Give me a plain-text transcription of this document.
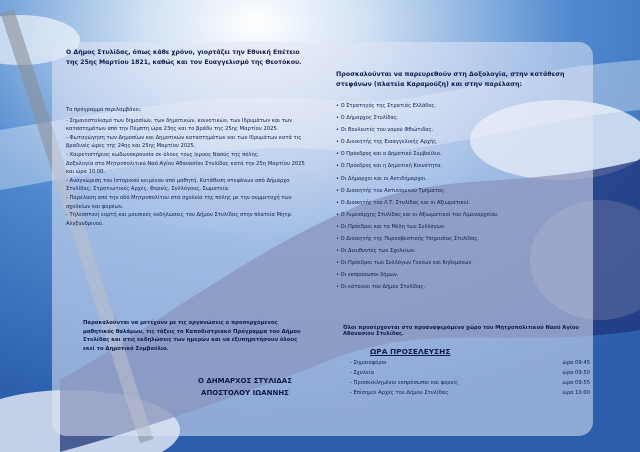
Ο Δήμος Στυλίδας, όπως κάθε χρόνο, γιορτάζει την Εθνική Επέτειο της 25ης Μαρτίου 1821, καθώς και τον Ευαγγελισμό της Θεοτόκου.

Το πρόγραμμα περιλαμβάνει:

- Σημαιοστολισμό των δημοσίων, των δημοτικών, κοινοτικών, των Ιδρυμάτων και των καταστημάτων από την Πέμπτη ώρα 23ης και το βράδυ της 25ης Μαρτίου 2025.

- Φωταγώγηση των Δημοσίων και Δημοτικών καταστημάτων και των Ιδρυμάτων κατά τις βραδινές ώρες της 24ης και 25ης Μαρτίου 2025.

- Χαιρετιστήριος κωδωνοκρουσία σε όλους τους Ιερούς Ναούς της πόλης.

Δοξολογία στο Μητροπολιτικό Ναό Αγίου Αθανασίου Στυλίδας κατά την 25η Μαρτίου 2025 και ώρα 10.00.

- Αναγνώριση του Ιστορικού κειμένου από μαθητή. Κατάθεση στεφάνων από Δήμαρχο Στυλίδας, Στρατιωτικές Αρχές, Φορείς, Συλλόγους, Σωματεία.

- Παρέλαση από την οδό Μητροπολίτου στα σχολεία της πόλης με την συμμετοχή των σχολείων και φορέων.

- Τηλεοπτική εορτή και μουσικές εκδηλώσεις του Δήμου Στυλίδας στην πλατεία Μητρ. Αλεξανδρινού.

Παρακαλούνται να μετέχουν με τις οργανώσεις ο προσερχόμενος μαθητικός θαλάμων, τις τάξεις το Καποδιστριακό Πρόγραμμα του Δήμου Στυλίδας και στις εκδηλώσεις των ημερών και να εξυπηρετήσουν όλους εκεί το Δημοτικό Συμβούλιο.

Ο ΔΗΜΑΡΧΟΣ ΣΤΥΛΙΔΑΣ
ΑΠΟΣΤΟΛΟΥ ΙΩΑΝΝΗΣ
Προσκαλούνται να παρευρεθούν στη Δοξολογία, στην κατάθεση στεφάνων (πλατεία Καραμούζη) και στην παρέλαση:
• Ο Στρατηγός της Στρατιάς Ελλάδος.
• Ο Δήμαρχος Στυλίδας.
• Οι Βουλευτές του νομού Φθιώτιδας.
• Ο Διοικητής της Εισαγγελικής Αρχής.
• Ο Πρόεδρος και ο Δημοτικό Συμβούλιο.
• Ο Πρόεδρος και η Δημοτική Κοινότητα.
• Οι Δήμαρχοι και οι Αντιδήμαρχοι.
• Ο Διοικητής του Αστυνομικού Τμήματος.
• Ο Διοικητής του Λ.Τ. Στυλίδας και οι Αξιωματικοί.
• Ο Λιμενάρχης Στυλίδας και οι Αξιωματικοί του Λιμεναρχείου.
• Οι Πρόεδροι και τα Μέλη των Συλλόγων.
• Ο Διοικητής της Πυροσβεστικής Υπηρεσίας Στυλίδας.
• Οι Διευθυντές των Σχολείων.
• Οι Πρόεδροι των Συλλόγων Γονέων και Κηδεμόνων.
• Οι εκπρόσωποι δήμων.
• Οι κάτοικοι του Δήμου Στυλίδας.
Όλοι προσέρχονται στο προαναφερόμενο χώρο του Μητροπολιτικού Ναού Αγίου Αθανασίου Στυλίδας.
ΩΡΑ ΠΡΟΣΕΛΕΥΣΗΣ
- Σημαιοφόροι	ώρα 09:45
- Σχολεία	ώρα 09:50
- Προσκεκλημένοι εκπρόσωποι και φορείς	ώρα 09:55
- Επίσημοι Αρχές του Δήμου Στυλίδας	ώρα 10:00
